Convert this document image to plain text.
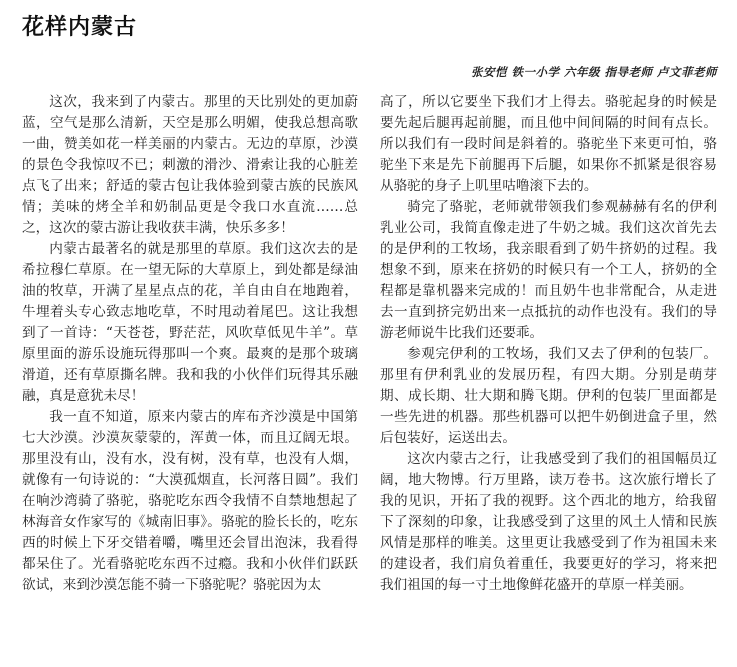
花样内蒙古
张安恺 铁一小学 六年级 指导老师 卢文菲老师

这次，我来到了内蒙古。那里的天比别处的更加蔚蓝，空气是那么清新，天空是那么明媚，使我总想高歌一曲，赞美如花一样美丽的内蒙古。无边的草原，沙漠的景色令我惊叹不已；刺激的滑沙、滑索让我的心脏差点飞了出来；舒适的蒙古包让我体验到蒙古族的民族风情；美味的烤全羊和奶制品更是令我口水直流……总之，这次的蒙古游让我收获丰满，快乐多多！

内蒙古最著名的就是那里的草原。我们这次去的是希拉穆仁草原。在一望无际的大草原上，到处都是绿油油的牧草，开满了星星点点的花，羊自由自在地跑着，牛埋着头专心致志地吃草，不时甩动着尾巴。这让我想到了一首诗：“天苍苍，野茫茫，风吹草低见牛羊”。草原里面的游乐设施玩得那叫一个爽。最爽的是那个玻璃滑道，还有草原撕名牌。我和我的小伙伴们玩得其乐融融，真是意犹未尽！

我一直不知道，原来内蒙古的库布齐沙漠是中国第七大沙漠。沙漠灰蒙蒙的，浑黄一体，而且辽阔无垠。那里没有山，没有水，没有树，没有草，也没有人烟，就像有一句诗说的：“大漠孤烟直，长河落日圆”。我们在响沙湾骑了骆驼，骆驼吃东西令我情不自禁地想起了林海音女作家写的《城南旧事》。骆驼的脸长长的，吃东西的时候上下牙交错着嚼，嘴里还会冒出泡沫，我看得都呆住了。光看骆驼吃东西不过瘾。我和小伙伴们跃跃欲试，来到沙漠怎能不骑一下骆驼呢？骆驼因为太

高了，所以它要坐下我们才上得去。骆驼起身的时候是要先起后腿再起前腿，而且他中间间隔的时间有点长。所以我们有一段时间是斜着的。骆驼坐下来更可怕，骆驼坐下来是先下前腿再下后腿，如果你不抓紧是很容易从骆驼的身子上叽里咕噜滚下去的。

骑完了骆驼，老师就带领我们参观赫赫有名的伊利乳业公司，我简直像走进了牛奶之城。我们这次首先去的是伊利的工牧场，我亲眼看到了奶牛挤奶的过程。我想象不到，原来在挤奶的时候只有一个工人，挤奶的全程都是靠机器来完成的！而且奶牛也非常配合，从走进去一直到挤完奶出来一点抵抗的动作也没有。我们的导游老师说牛比我们还要乖。

参观完伊利的工牧场，我们又去了伊利的包装厂。那里有伊利乳业的发展历程，有四大期。分别是萌芽期、成长期、壮大期和腾飞期。伊利的包装厂里面都是一些先进的机器。那些机器可以把牛奶倒进盒子里，然后包装好，运送出去。

这次内蒙古之行，让我感受到了我们的祖国幅员辽阔，地大物博。行万里路，读万卷书。这次旅行增长了我的见识，开拓了我的视野。这个西北的地方，给我留下了深刻的印象，让我感受到了这里的风土人情和民族风情是那样的唯美。这里更让我感受到了作为祖国未来的建设者，我们肩负着重任，我要更好的学习，将来把我们祖国的每一寸土地像鲜花盛开的草原一样美丽。
